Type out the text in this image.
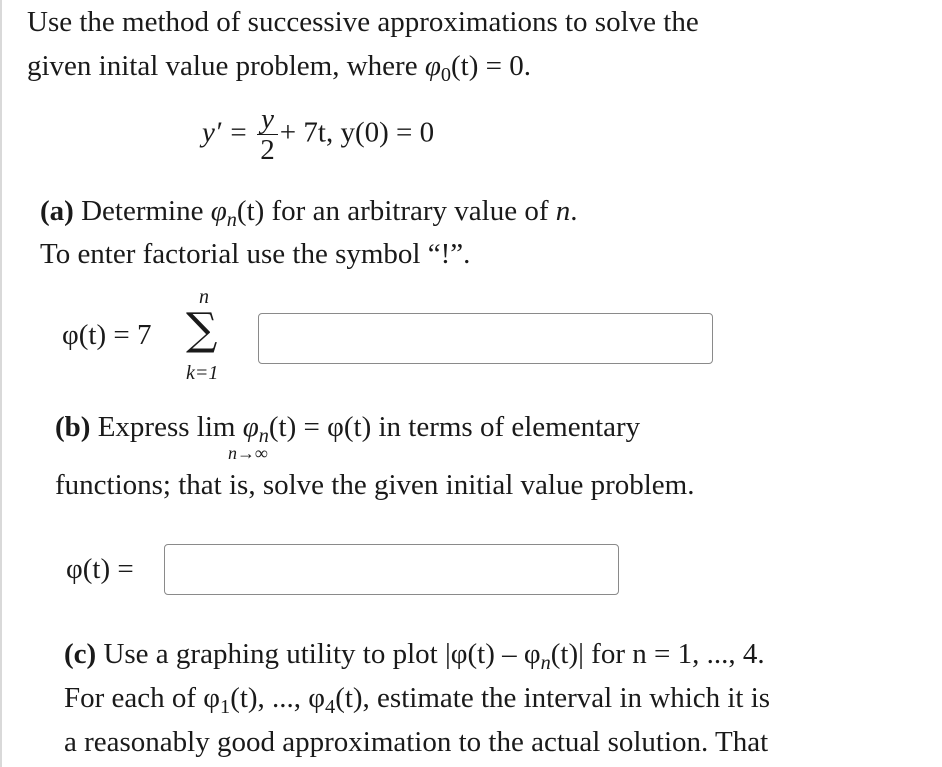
Use the method of successive approximations to solve the
given inital value problem, where $\varphi_0(t) = 0$.
$y' = \frac{y}{2} + 7t$, y(0) = 0
(a) Determine $\varphi_n(t)$ for an arbitrary value of n.
To enter factorial use the symbol “!”.
n
φ(t) = 7 ∑
k=1
(b) Express $\lim \varphi_n(t) = \varphi(t)$ in terms of elementary
n→∞
functions; that is, solve the given initial value problem.
φ(t) =
(c) Use a graphing utility to plot $|\varphi(t) - \varphi_n(t)|$ for n = 1, ..., 4.
For each of $\varphi_1(t)$, ..., $\varphi_4(t)$, estimate the interval in which it is
a reasonably good approximation to the actual solution. That
